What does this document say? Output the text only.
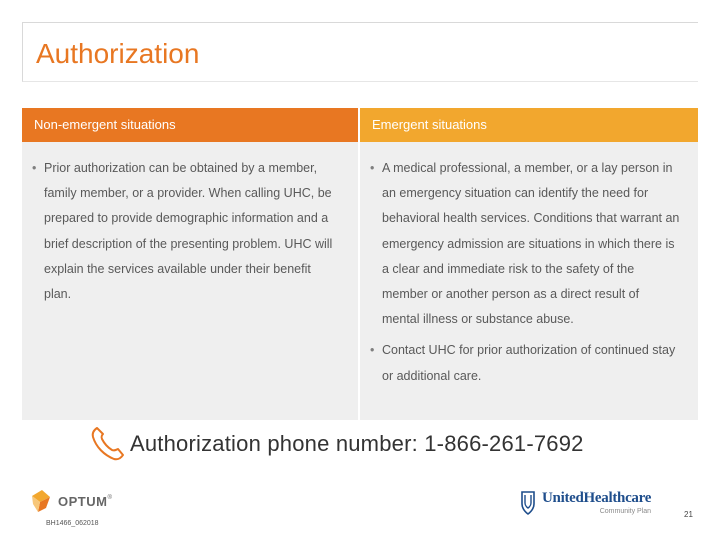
Authorization
Non-emergent situations
• Prior authorization can be obtained by a member, family member, or a provider. When calling UHC, be prepared to provide demographic information and a brief description of the presenting problem. UHC will explain the services available under their benefit plan.
Emergent situations
• A medical professional, a member, or a lay person in an emergency situation can identify the need for behavioral health services. Conditions that warrant an emergency admission are situations in which there is a clear and immediate risk to the safety of the member or another person as a direct result of mental illness or substance abuse.
• Contact UHC for prior authorization of continued stay or additional care.
Authorization phone number: 1-866-261-7692
OPTUM ®
BH1466_062018
UnitedHealthcare
Community Plan	21
